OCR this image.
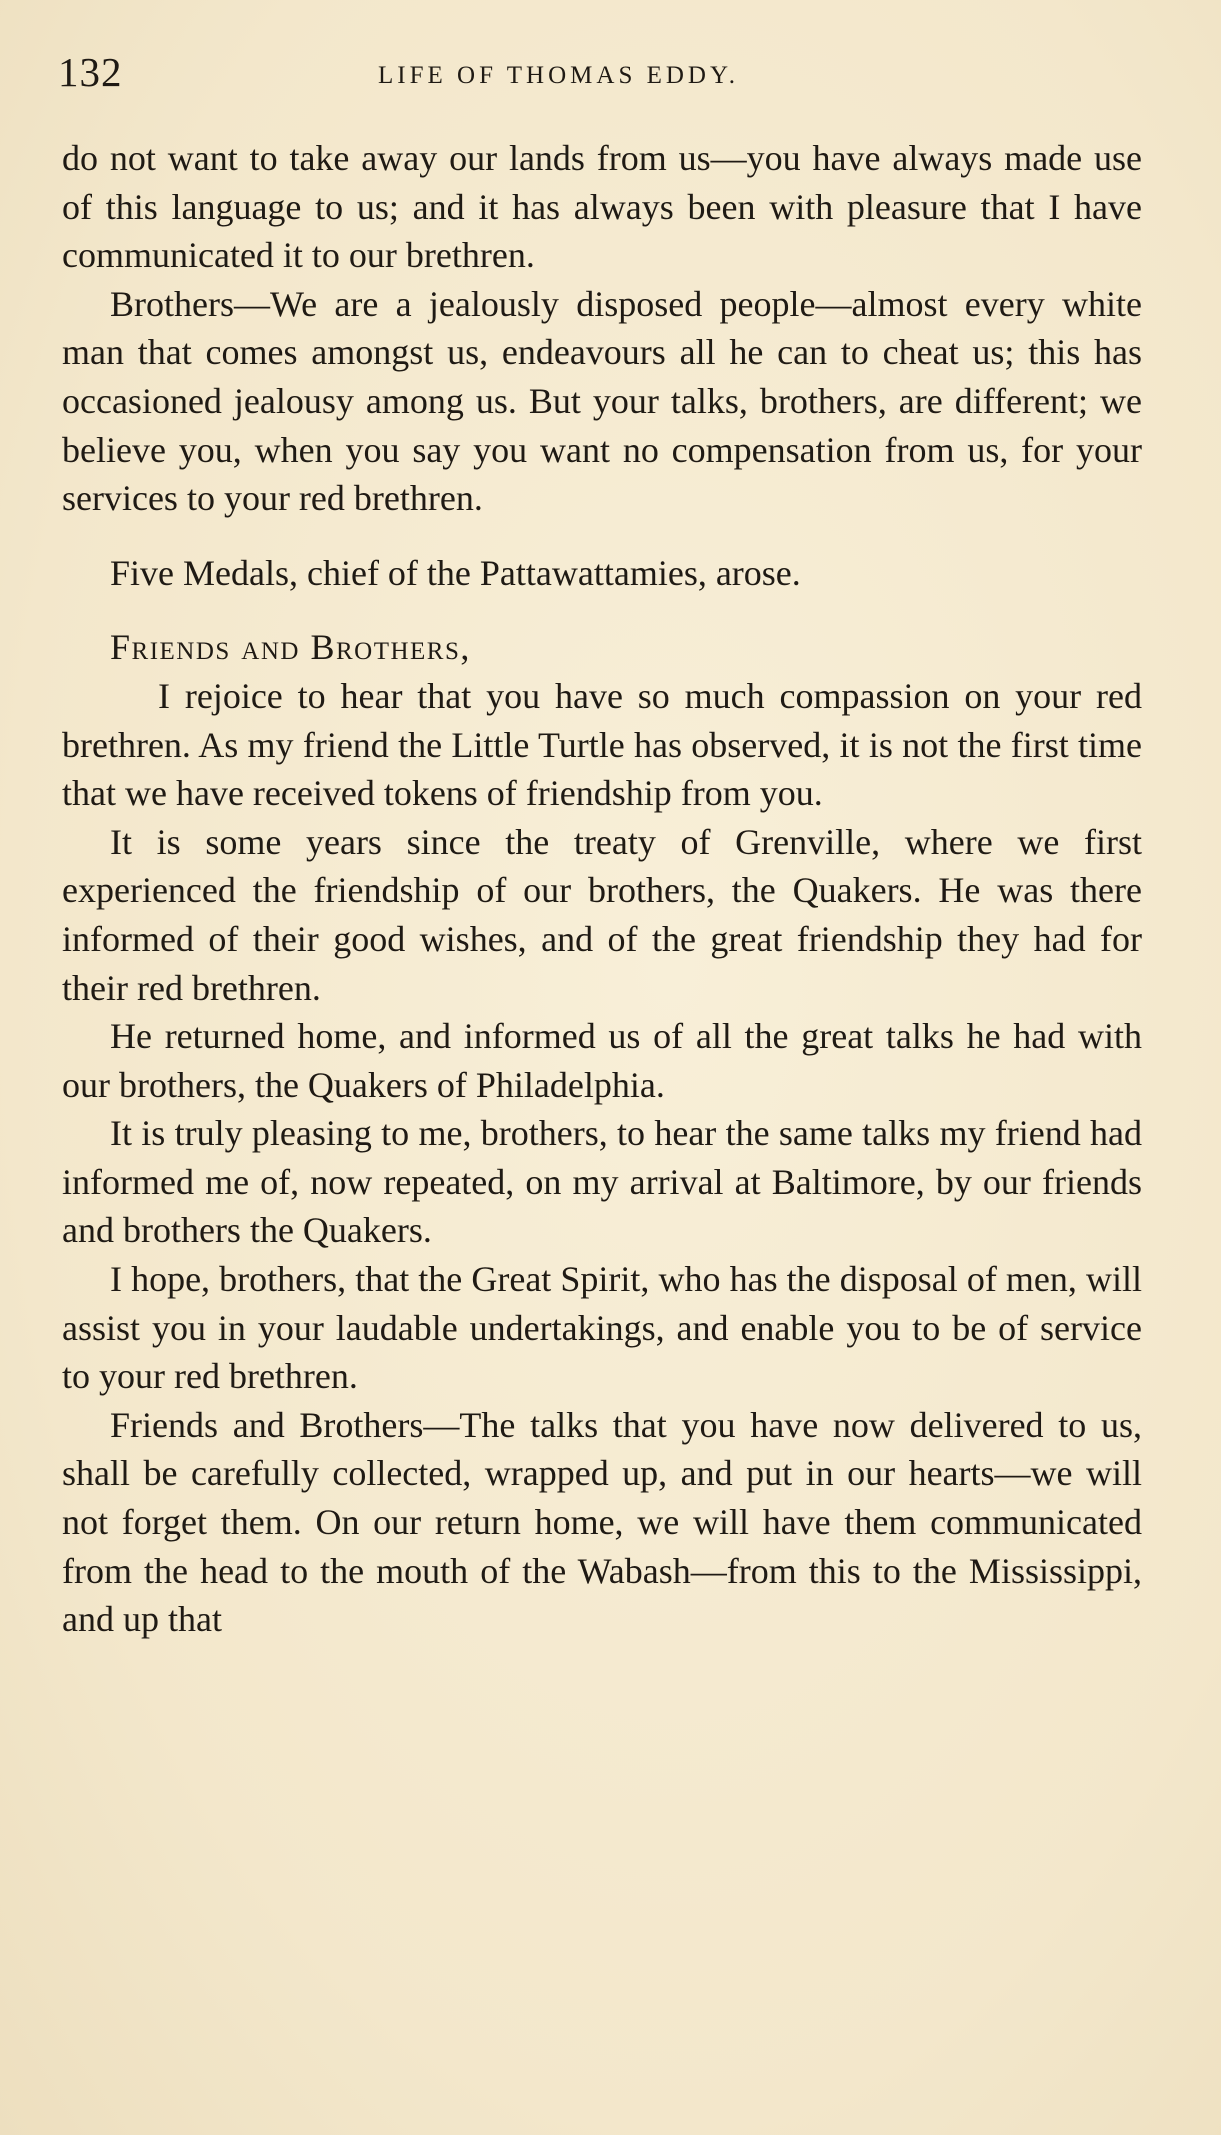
132	LIFE OF THOMAS EDDY.

do not want to take away our lands from us—you have always made use of this language to us; and it has always been with pleasure that I have communicated it to our brethren.

Brothers—We are a jealously disposed people—almost every white man that comes amongst us, endeavours all he can to cheat us; this has occasioned jealousy among us. But your talks, brothers, are different; we believe you, when you say you want no compensation from us, for your services to your red brethren.

Five Medals, chief of the Pattawattamies, arose.

Friends and Brothers,

I rejoice to hear that you have so much compassion on your red brethren. As my friend the Little Turtle has observed, it is not the first time that we have received tokens of friendship from you.

It is some years since the treaty of Grenville, where we first experienced the friendship of our brothers, the Quakers. He was there informed of their good wishes, and of the great friendship they had for their red brethren.

He returned home, and informed us of all the great talks he had with our brothers, the Quakers of Philadelphia.

It is truly pleasing to me, brothers, to hear the same talks my friend had informed me of, now repeated, on my arrival at Baltimore, by our friends and brothers the Quakers.

I hope, brothers, that the Great Spirit, who has the disposal of men, will assist you in your laudable undertakings, and enable you to be of service to your red brethren.

Friends and Brothers—The talks that you have now delivered to us, shall be carefully collected, wrapped up, and put in our hearts—we will not forget them. On our return home, we will have them communicated from the head to the mouth of the Wabash—from this to the Mississippi, and up that
